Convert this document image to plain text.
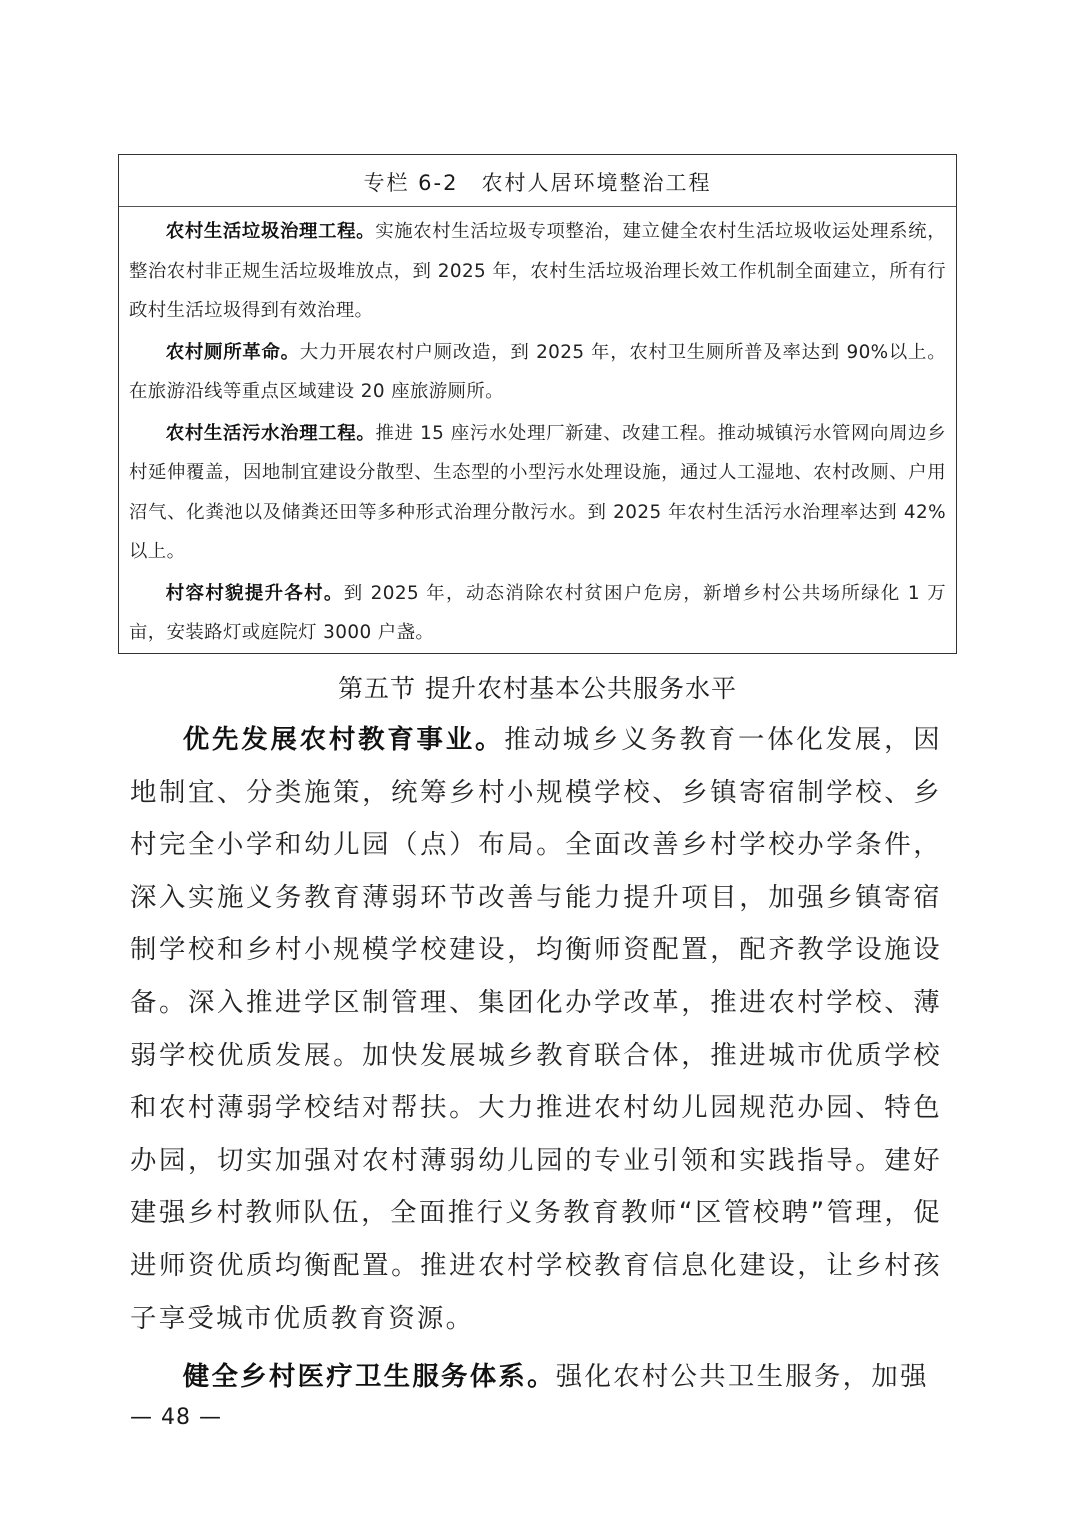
专栏 6-2　农村人居环境整治工程

农村生活垃圾治理工程。实施农村生活垃圾专项整治，建立健全农村生活垃圾收运处理系统，整治农村非正规生活垃圾堆放点，到 2025 年，农村生活垃圾治理长效工作机制全面建立，所有行政村生活垃圾得到有效治理。

农村厕所革命。大力开展农村户厕改造，到 2025 年，农村卫生厕所普及率达到 90%以上。在旅游沿线等重点区域建设 20 座旅游厕所。

农村生活污水治理工程。推进 15 座污水处理厂新建、改建工程。推动城镇污水管网向周边乡村延伸覆盖，因地制宜建设分散型、生态型的小型污水处理设施，通过人工湿地、农村改厕、户用沼气、化粪池以及储粪还田等多种形式治理分散污水。到 2025 年农村生活污水治理率达到 42%以上。

村容村貌提升各村。到 2025 年，动态消除农村贫困户危房，新增乡村公共场所绿化 1 万亩，安装路灯或庭院灯 3000 户盏。

第五节 提升农村基本公共服务水平

优先发展农村教育事业。推动城乡义务教育一体化发展，因地制宜、分类施策，统筹乡村小规模学校、乡镇寄宿制学校、乡村完全小学和幼儿园（点）布局。全面改善乡村学校办学条件，深入实施义务教育薄弱环节改善与能力提升项目，加强乡镇寄宿制学校和乡村小规模学校建设，均衡师资配置，配齐教学设施设备。深入推进学区制管理、集团化办学改革，推进农村学校、薄弱学校优质发展。加快发展城乡教育联合体，推进城市优质学校和农村薄弱学校结对帮扶。大力推进农村幼儿园规范办园、特色办园，切实加强对农村薄弱幼儿园的专业引领和实践指导。建好建强乡村教师队伍，全面推行义务教育教师“区管校聘”管理，促进师资优质均衡配置。推进农村学校教育信息化建设，让乡村孩子享受城市优质教育资源。

健全乡村医疗卫生服务体系。强化农村公共卫生服务，加强

— 48 —
